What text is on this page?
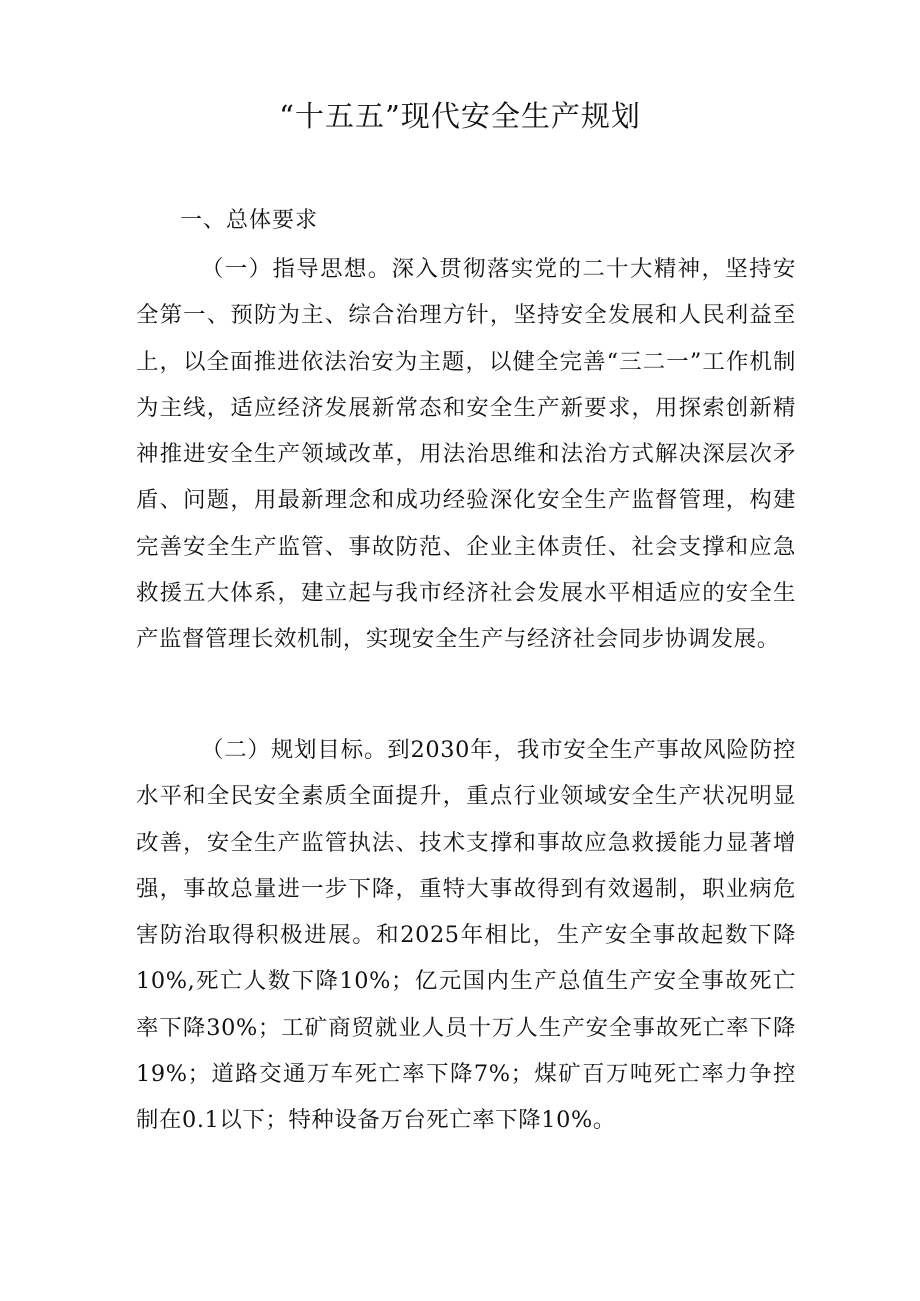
“十五五”现代安全生产规划
一、总体要求

（一）指导思想。深入贯彻落实党的二十大精神，坚持安全第一、预防为主、综合治理方针，坚持安全发展和人民利益至上，以全面推进依法治安为主题，以健全完善“三二一”工作机制为主线，适应经济发展新常态和安全生产新要求，用探索创新精神推进安全生产领域改革，用法治思维和法治方式解决深层次矛盾、问题，用最新理念和成功经验深化安全生产监督管理，构建完善安全生产监管、事故防范、企业主体责任、社会支撑和应急救援五大体系，建立起与我市经济社会发展水平相适应的安全生产监督管理长效机制，实现安全生产与经济社会同步协调发展。

（二）规划目标。到2030年，我市安全生产事故风险防控水平和全民安全素质全面提升，重点行业领域安全生产状况明显改善，安全生产监管执法、技术支撑和事故应急救援能力显著增强，事故总量进一步下降，重特大事故得到有效遏制，职业病危害防治取得积极进展。和2025年相比，生产安全事故起数下降10%,死亡人数下降10%；亿元国内生产总值生产安全事故死亡率下降30%；工矿商贸就业人员十万人生产安全事故死亡率下降19%；道路交通万车死亡率下降7%；煤矿百万吨死亡率力争控制在0.1以下；特种设备万台死亡率下降10%。
